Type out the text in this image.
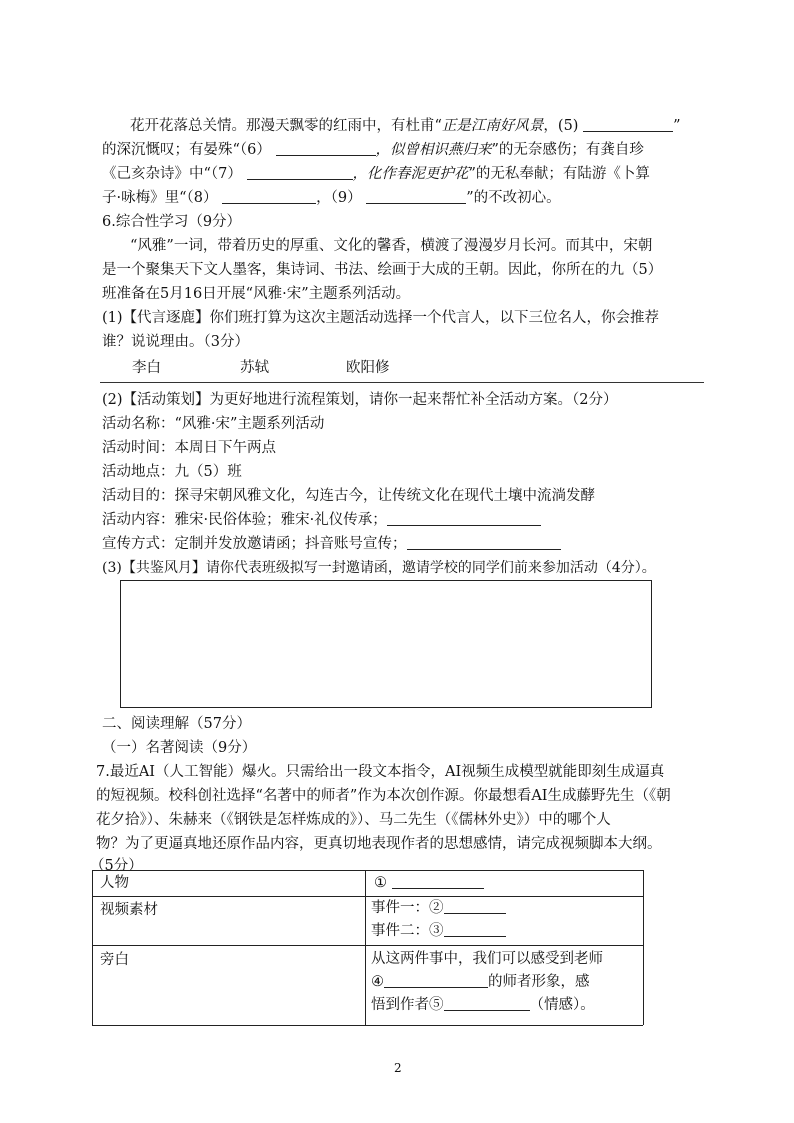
花开花落总关情。那漫天飘零的红雨中，有杜甫“正是江南好风景，(5)	”
的深沉慨叹；有晏殊“（6）	，似曾相识燕归来”的无奈感伤；有龚自珍
《己亥杂诗》中“（7）	，化作春泥更护花”的无私奉献；有陆游《卜算
子·咏梅》里“（8）	，（9）	”的不改初心。
6.综合性学习（9分）
“风雅”一词，带着历史的厚重、文化的馨香，横渡了漫漫岁月长河。而其中，宋朝
是一个聚集天下文人墨客，集诗词、书法、绘画于大成的王朝。因此，你所在的九（5）
班准备在5月16日开展“风雅·宋”主题系列活动。
(1)【代言逐鹿】你们班打算为这次主题活动选择一个代言人，以下三位名人，你会推荐
谁？说说理由。（3分）
李白	苏轼	欧阳修
(2)【活动策划】为更好地进行流程策划，请你一起来帮忙补全活动方案。（2分）
活动名称：“风雅·宋”主题系列活动
活动时间：本周日下午两点
活动地点：九（5）班
活动目的：探寻宋朝风雅文化，勾连古今，让传统文化在现代土壤中流淌发酵
活动内容：雅宋·民俗体验；雅宋·礼仪传承；
宣传方式：定制并发放邀请函；抖音账号宣传；
(3)【共鉴风月】请你代表班级拟写一封邀请函，邀请学校的同学们前来参加活动（4分）。
二、阅读理解（57分）
（一）名著阅读（9分）
7.最近AI（人工智能）爆火。只需给出一段文本指令，AI视频生成模型就能即刻生成逼真
的短视频。校科创社选择“名著中的师者”作为本次创作源。你最想看AI生成藤野先生（《朝
花夕拾》）、朱赫来（《钢铁是怎样炼成的》）、马二先生（《儒林外史》）中的哪个人
物？为了更逼真地还原作品内容，更真切地表现作者的思想感情，请完成视频脚本大纲。
（5分）
人物	①
视频素材	事件一：②
事件二：③
旁白	从这两件事中，我们可以感受到老师
④	的师者形象，感
悟到作者⑤	（情感）。
2
